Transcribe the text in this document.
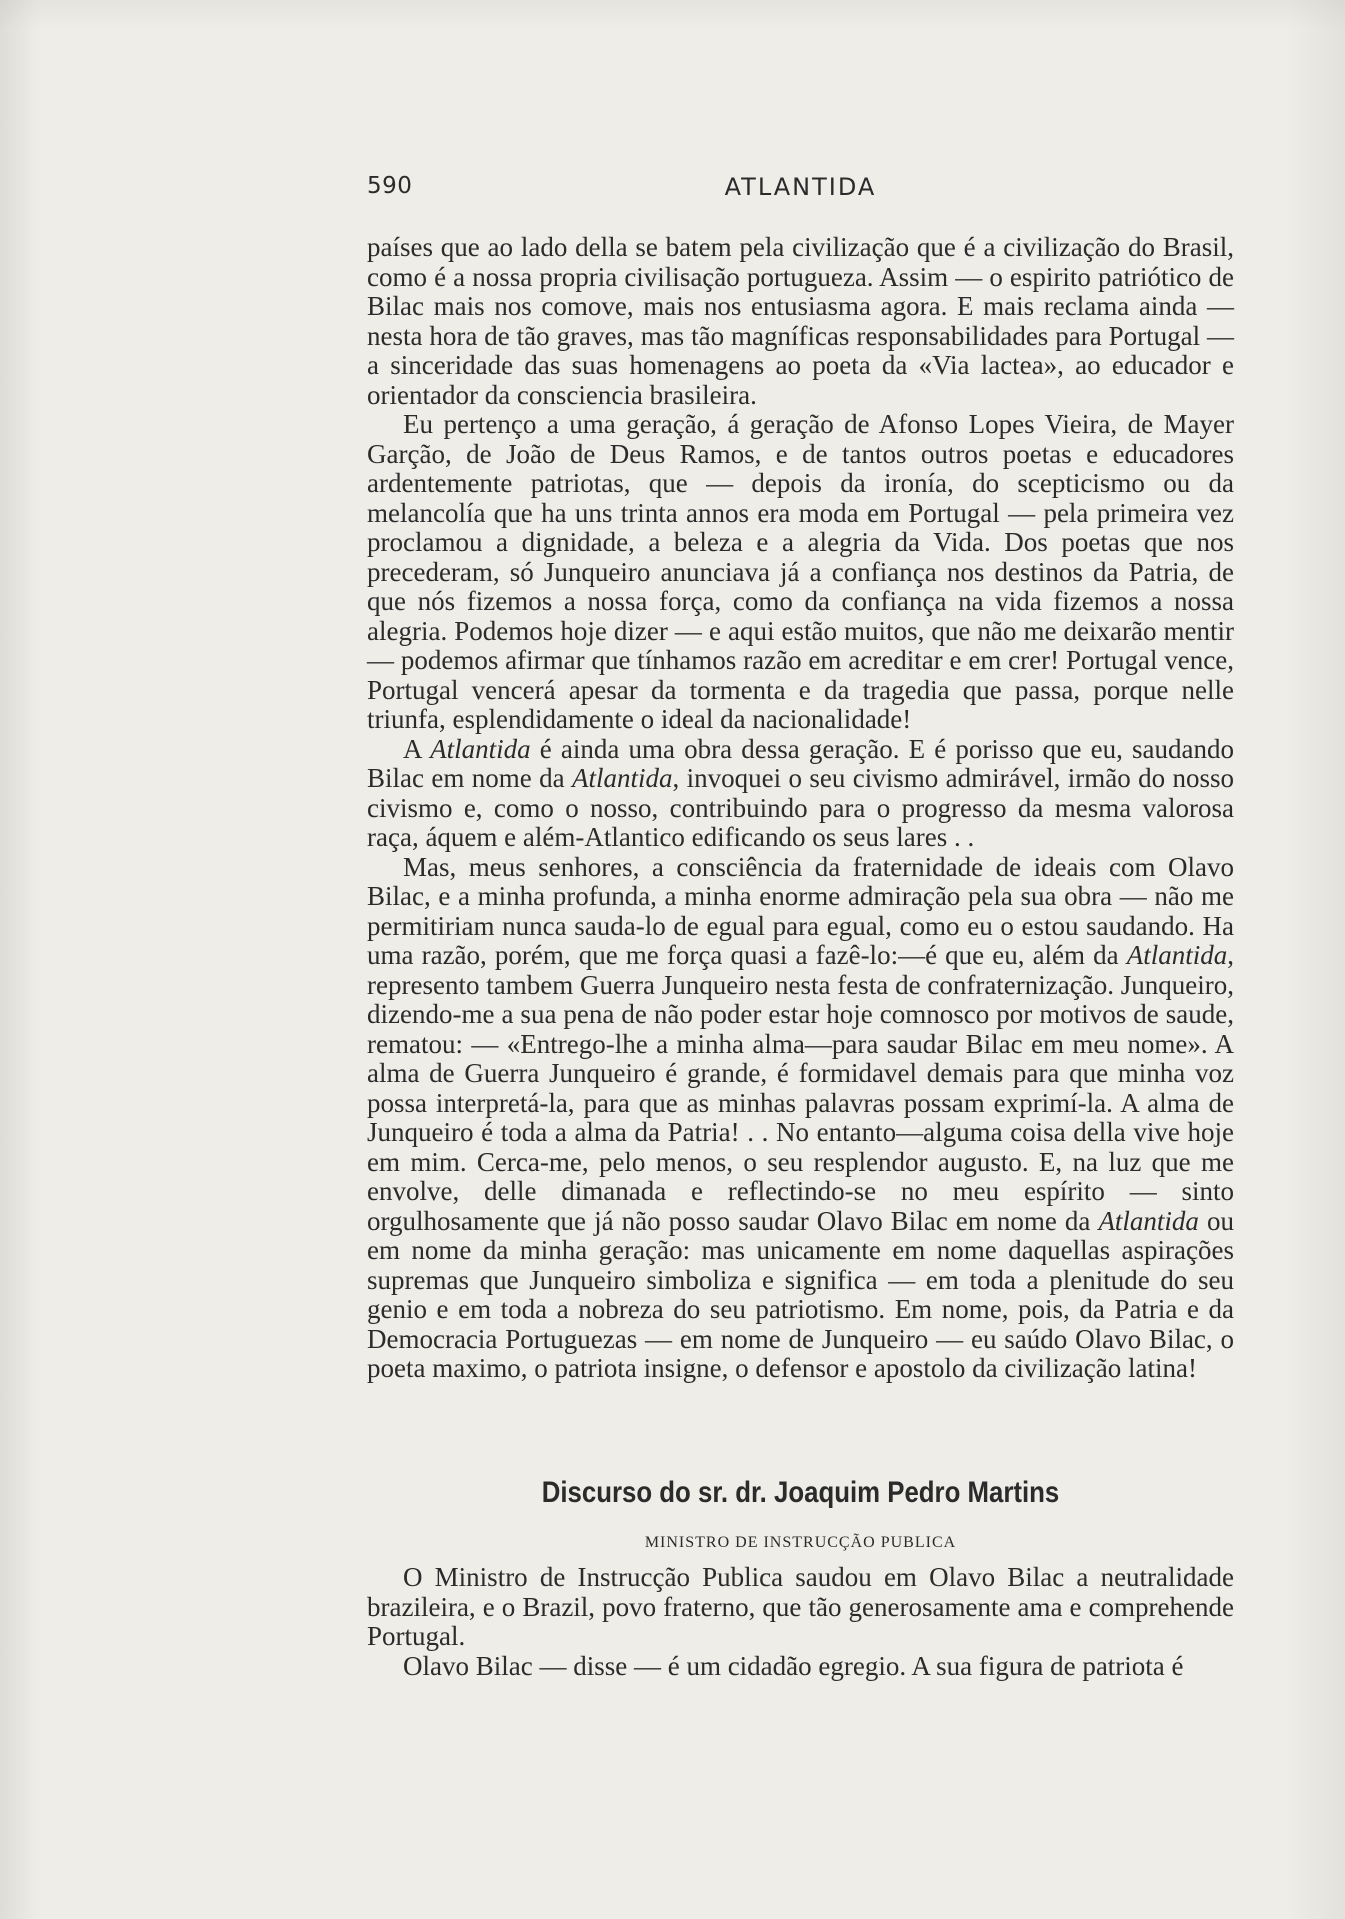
590	ATLANTIDA

países que ao lado della se batem pela civilização que é a civilização do Brasil, como é a nossa propria civilisação portugueza. Assim — o espirito patriótico de Bilac mais nos comove, mais nos entusiasma agora. E mais reclama ainda — nesta hora de tão graves, mas tão magníficas responsabilidades para Portugal — a sinceridade das suas homenagens ao poeta da «Via lactea», ao educador e orientador da consciencia brasileira.

Eu pertenço a uma geração, á geração de Afonso Lopes Vieira, de Mayer Garção, de João de Deus Ramos, e de tantos outros poetas e educadores ardentemente patriotas, que — depois da ironía, do scepticismo ou da melancolía que ha uns trinta annos era moda em Portugal — pela primeira vez proclamou a dignidade, a beleza e a alegria da Vida. Dos poetas que nos precederam, só Junqueiro anunciava já a confiança nos destinos da Patria, de que nós fizemos a nossa força, como da confiança na vida fizemos a nossa alegria. Podemos hoje dizer — e aqui estão muitos, que não me deixarão mentir — podemos afirmar que tínhamos razão em acreditar e em crer! Portugal vence, Portugal vencerá apesar da tormenta e da tragedia que passa, porque nelle triunfa, esplendidamente o ideal da nacionalidade!

A Atlantida é ainda uma obra dessa geração. E é porisso que eu, saudando Bilac em nome da Atlantida, invoquei o seu civismo admirável, irmão do nosso civismo e, como o nosso, contribuindo para o progresso da mesma valorosa raça, áquem e além-Atlantico edificando os seus lares . .

Mas, meus senhores, a consciência da fraternidade de ideais com Olavo Bilac, e a minha profunda, a minha enorme admiração pela sua obra — não me permitiriam nunca sauda-lo de egual para egual, como eu o estou saudando. Ha uma razão, porém, que me força quasi a fazê-lo:—é que eu, além da Atlantida, represento tambem Guerra Junqueiro nesta festa de confraternização. Junqueiro, dizendo-me a sua pena de não poder estar hoje comnosco por motivos de saude, rematou: — «Entrego-lhe a minha alma—para saudar Bilac em meu nome». A alma de Guerra Junqueiro é grande, é formidavel demais para que minha voz possa interpretá-la, para que as minhas palavras possam exprimí-la. A alma de Junqueiro é toda a alma da Patria! . . No entanto—alguma coisa della vive hoje em mim. Cerca-me, pelo menos, o seu resplendor augusto. E, na luz que me envolve, delle dimanada e reflectindo-se no meu espírito — sinto orgulhosamente que já não posso saudar Olavo Bilac em nome da Atlantida ou em nome da minha geração: mas unicamente em nome daquellas aspirações supremas que Junqueiro simboliza e significa — em toda a plenitude do seu genio e em toda a nobreza do seu patriotismo. Em nome, pois, da Patria e da Democracia Portuguezas — em nome de Junqueiro — eu saúdo Olavo Bilac, o poeta maximo, o patriota insigne, o defensor e apostolo da civilização latina!

Discurso do sr. dr. Joaquim Pedro Martins
MINISTRO DE INSTRUCÇÃO PUBLICA

O Ministro de Instrucção Publica saudou em Olavo Bilac a neutralidade brazileira, e o Brazil, povo fraterno, que tão generosamente ama e comprehende Portugal.

Olavo Bilac — disse — é um cidadão egregio. A sua figura de patriota é
